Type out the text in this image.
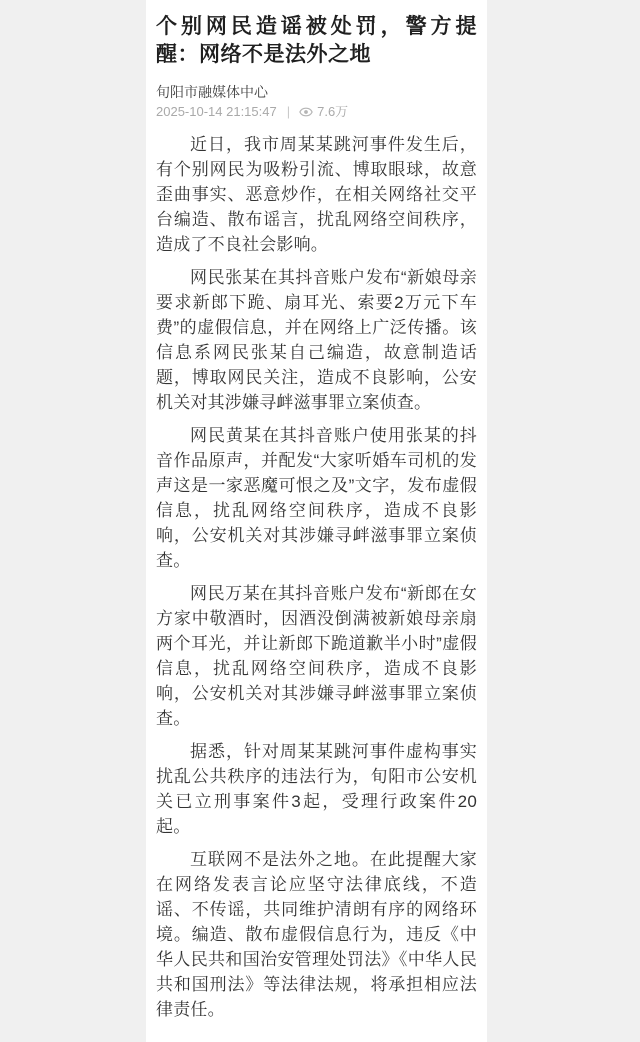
个别网民造谣被处罚，警方提醒：网络不是法外之地
旬阳市融媒体中心
2025-10-14 21:15:47 | 7.6万

近日，我市周某某跳河事件发生后，有个别网民为吸粉引流、博取眼球，故意歪曲事实、恶意炒作，在相关网络社交平台编造、散布谣言，扰乱网络空间秩序，造成了不良社会影响。

网民张某在其抖音账户发布“新娘母亲要求新郎下跪、扇耳光、索要2万元下车费”的虚假信息，并在网络上广泛传播。该信息系网民张某自己编造，故意制造话题，博取网民关注，造成不良影响，公安机关对其涉嫌寻衅滋事罪立案侦查。

网民黄某在其抖音账户使用张某的抖音作品原声，并配发“大家听婚车司机的发声这是一家恶魔可恨之及”文字，发布虚假信息，扰乱网络空间秩序，造成不良影响，公安机关对其涉嫌寻衅滋事罪立案侦查。

网民万某在其抖音账户发布“新郎在女方家中敬酒时，因酒没倒满被新娘母亲扇两个耳光，并让新郎下跪道歉半小时”虚假信息，扰乱网络空间秩序，造成不良影响，公安机关对其涉嫌寻衅滋事罪立案侦查。

据悉，针对周某某跳河事件虚构事实扰乱公共秩序的违法行为，旬阳市公安机关已立刑事案件3起，受理行政案件20起。

互联网不是法外之地。在此提醒大家在网络发表言论应坚守法律底线，不造谣、不传谣，共同维护清朗有序的网络环境。编造、散布虚假信息行为，违反《中华人民共和国治安管理处罚法》《中华人民共和国刑法》等法律法规，将承担相应法律责任。
